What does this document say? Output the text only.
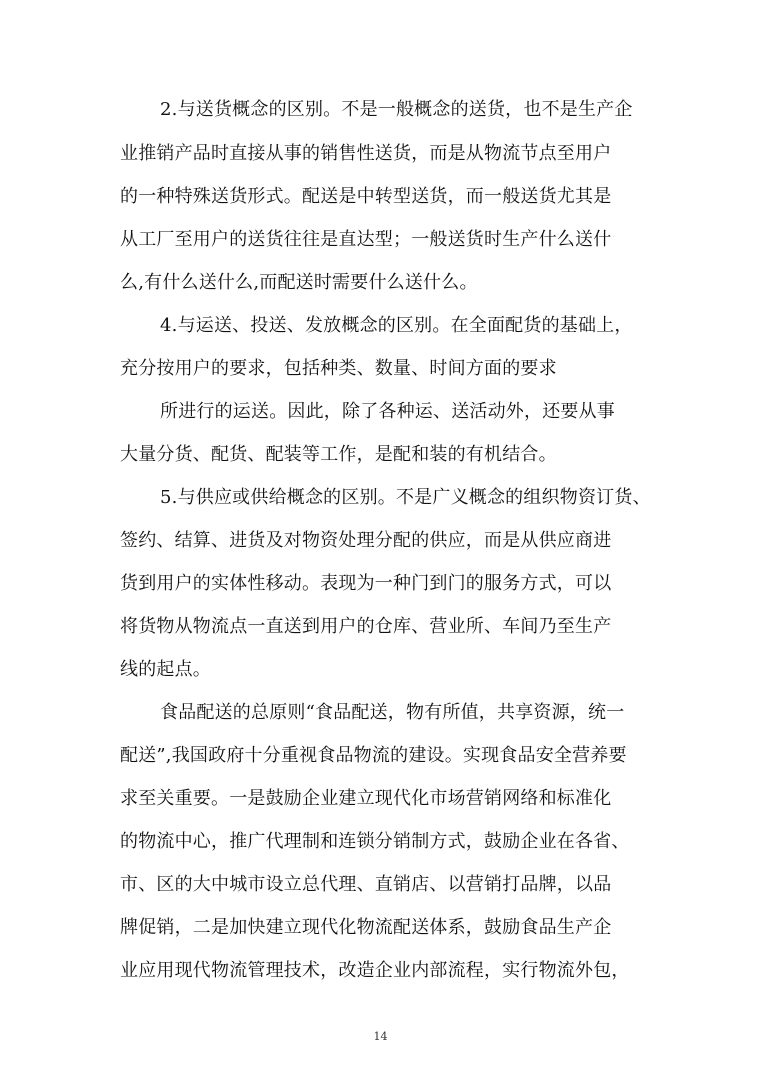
2.与送货概念的区别。不是一般概念的送货，也不是生产企
业推销产品时直接从事的销售性送货，而是从物流节点至用户
的一种特殊送货形式。配送是中转型送货，而一般送货尤其是
从工厂至用户的送货往往是直达型；一般送货时生产什么送什
么,有什么送什么,而配送时需要什么送什么。
4.与运送、投送、发放概念的区别。在全面配货的基础上，
充分按用户的要求，包括种类、数量、时间方面的要求
所进行的运送。因此，除了各种运、送活动外，还要从事
大量分货、配货、配装等工作，是配和装的有机结合。
5.与供应或供给概念的区别。不是广义概念的组织物资订货、
签约、结算、进货及对物资处理分配的供应，而是从供应商进
货到用户的实体性移动。表现为一种门到门的服务方式，可以
将货物从物流点一直送到用户的仓库、营业所、车间乃至生产
线的起点。
食品配送的总原则“食品配送，物有所值，共享资源，统一
配送”,我国政府十分重视食品物流的建设。实现食品安全营养要
求至关重要。一是鼓励企业建立现代化市场营销网络和标准化
的物流中心，推广代理制和连锁分销制方式，鼓励企业在各省、
市、区的大中城市设立总代理、直销店、以营销打品牌，以品
牌促销，二是加快建立现代化物流配送体系，鼓励食品生产企
业应用现代物流管理技术，改造企业内部流程，实行物流外包，
14
